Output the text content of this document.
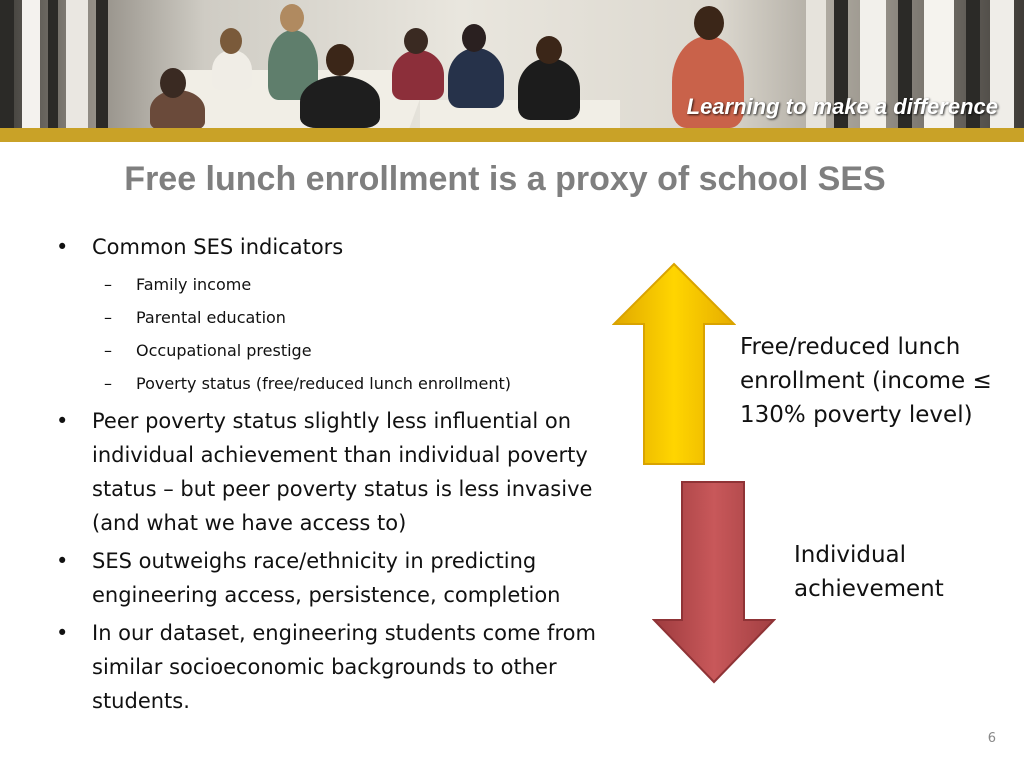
Learning to make a difference
Free lunch enrollment is a proxy of school SES
• Common SES indicators
– Family income
– Parental education
– Occupational prestige
– Poverty status (free/reduced lunch enrollment)
• Peer poverty status slightly less influential on individual achievement than individual poverty status – but peer poverty status is less invasive (and what we have access to)
• SES outweighs race/ethnicity in predicting engineering access, persistence, completion
• In our dataset, engineering students come from similar socioeconomic backgrounds to other students.
Free/reduced lunch enrollment (income ≤ 130% poverty level)
Individual achievement
6
